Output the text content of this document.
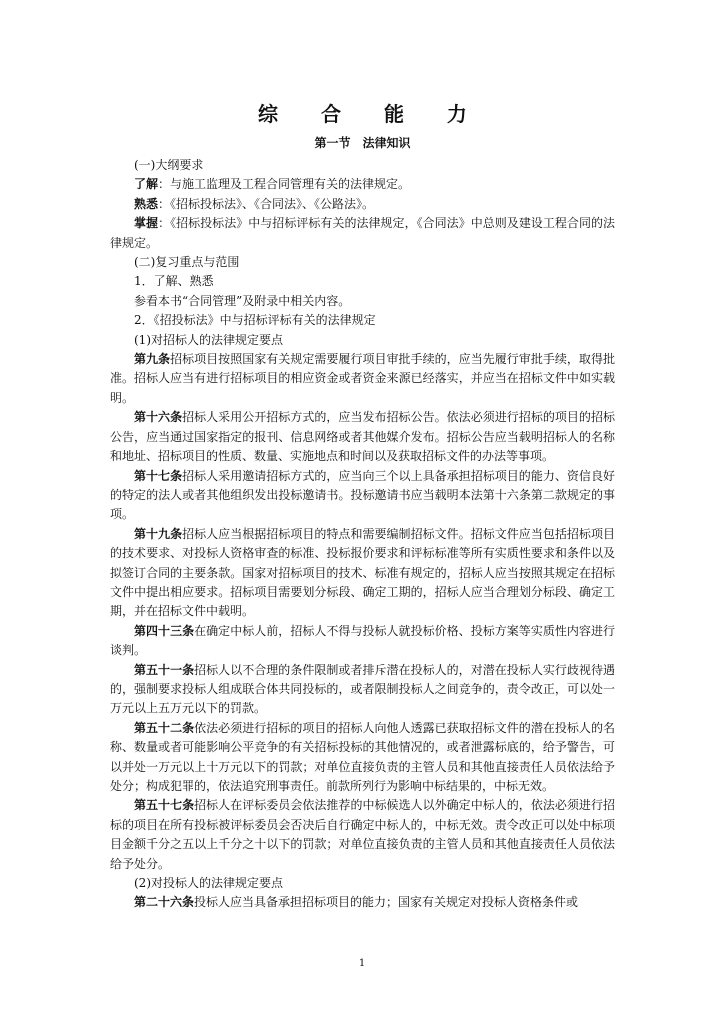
综 合 能 力
第一节　法律知识

(一)大纲要求

了解：与施工监理及工程合同管理有关的法律规定。

熟悉：《招标投标法》、《合同法》、《公路法》。

掌握：《招标投标法》中与招标评标有关的法律规定，《合同法》中总则及建设工程合同的法律规定。

(二)复习重点与范围

1．了解、熟悉

参看本书“合同管理”及附录中相关内容。

2．《招投标法》中与招标评标有关的法律规定

(1)对招标人的法律规定要点

第九条招标项目按照国家有关规定需要履行项目审批手续的，应当先履行审批手续，取得批准。招标人应当有进行招标项目的相应资金或者资金来源已经落实，并应当在招标文件中如实载明。

第十六条招标人采用公开招标方式的，应当发布招标公告。依法必须进行招标的项目的招标公告，应当通过国家指定的报刊、信息网络或者其他媒介发布。招标公告应当载明招标人的名称和地址、招标项目的性质、数量、实施地点和时间以及获取招标文件的办法等事项。

第十七条招标人采用邀请招标方式的，应当向三个以上具备承担招标项目的能力、资信良好的特定的法人或者其他组织发出投标邀请书。投标邀请书应当载明本法第十六条第二款规定的事项。

第十九条招标人应当根据招标项目的特点和需要编制招标文件。招标文件应当包括招标项目的技术要求、对投标人资格审查的标准、投标报价要求和评标标准等所有实质性要求和条件以及拟签订合同的主要条款。国家对招标项目的技术、标准有规定的，招标人应当按照其规定在招标文件中提出相应要求。招标项目需要划分标段、确定工期的，招标人应当合理划分标段、确定工期，并在招标文件中载明。

第四十三条在确定中标人前，招标人不得与投标人就投标价格、投标方案等实质性内容进行谈判。

第五十一条招标人以不合理的条件限制或者排斥潜在投标人的，对潜在投标人实行歧视待遇的，强制要求投标人组成联合体共同投标的，或者限制投标人之间竞争的，责令改正，可以处一万元以上五万元以下的罚款。

第五十二条依法必须进行招标的项目的招标人向他人透露已获取招标文件的潜在投标人的名称、数量或者可能影响公平竞争的有关招标投标的其他情况的，或者泄露标底的，给予警告，可以并处一万元以上十万元以下的罚款；对单位直接负责的主管人员和其他直接责任人员依法给予处分；构成犯罪的，依法追究刑事责任。前款所列行为影响中标结果的，中标无效。

第五十七条招标人在评标委员会依法推荐的中标候选人以外确定中标人的，依法必须进行招标的项目在所有投标被评标委员会否决后自行确定中标人的，中标无效。责令改正可以处中标项目金额千分之五以上千分之十以下的罚款；对单位直接负责的主管人员和其他直接责任人员依法给予处分。

(2)对投标人的法律规定要点

第二十六条投标人应当具备承担招标项目的能力；国家有关规定对投标人资格条件或

1
